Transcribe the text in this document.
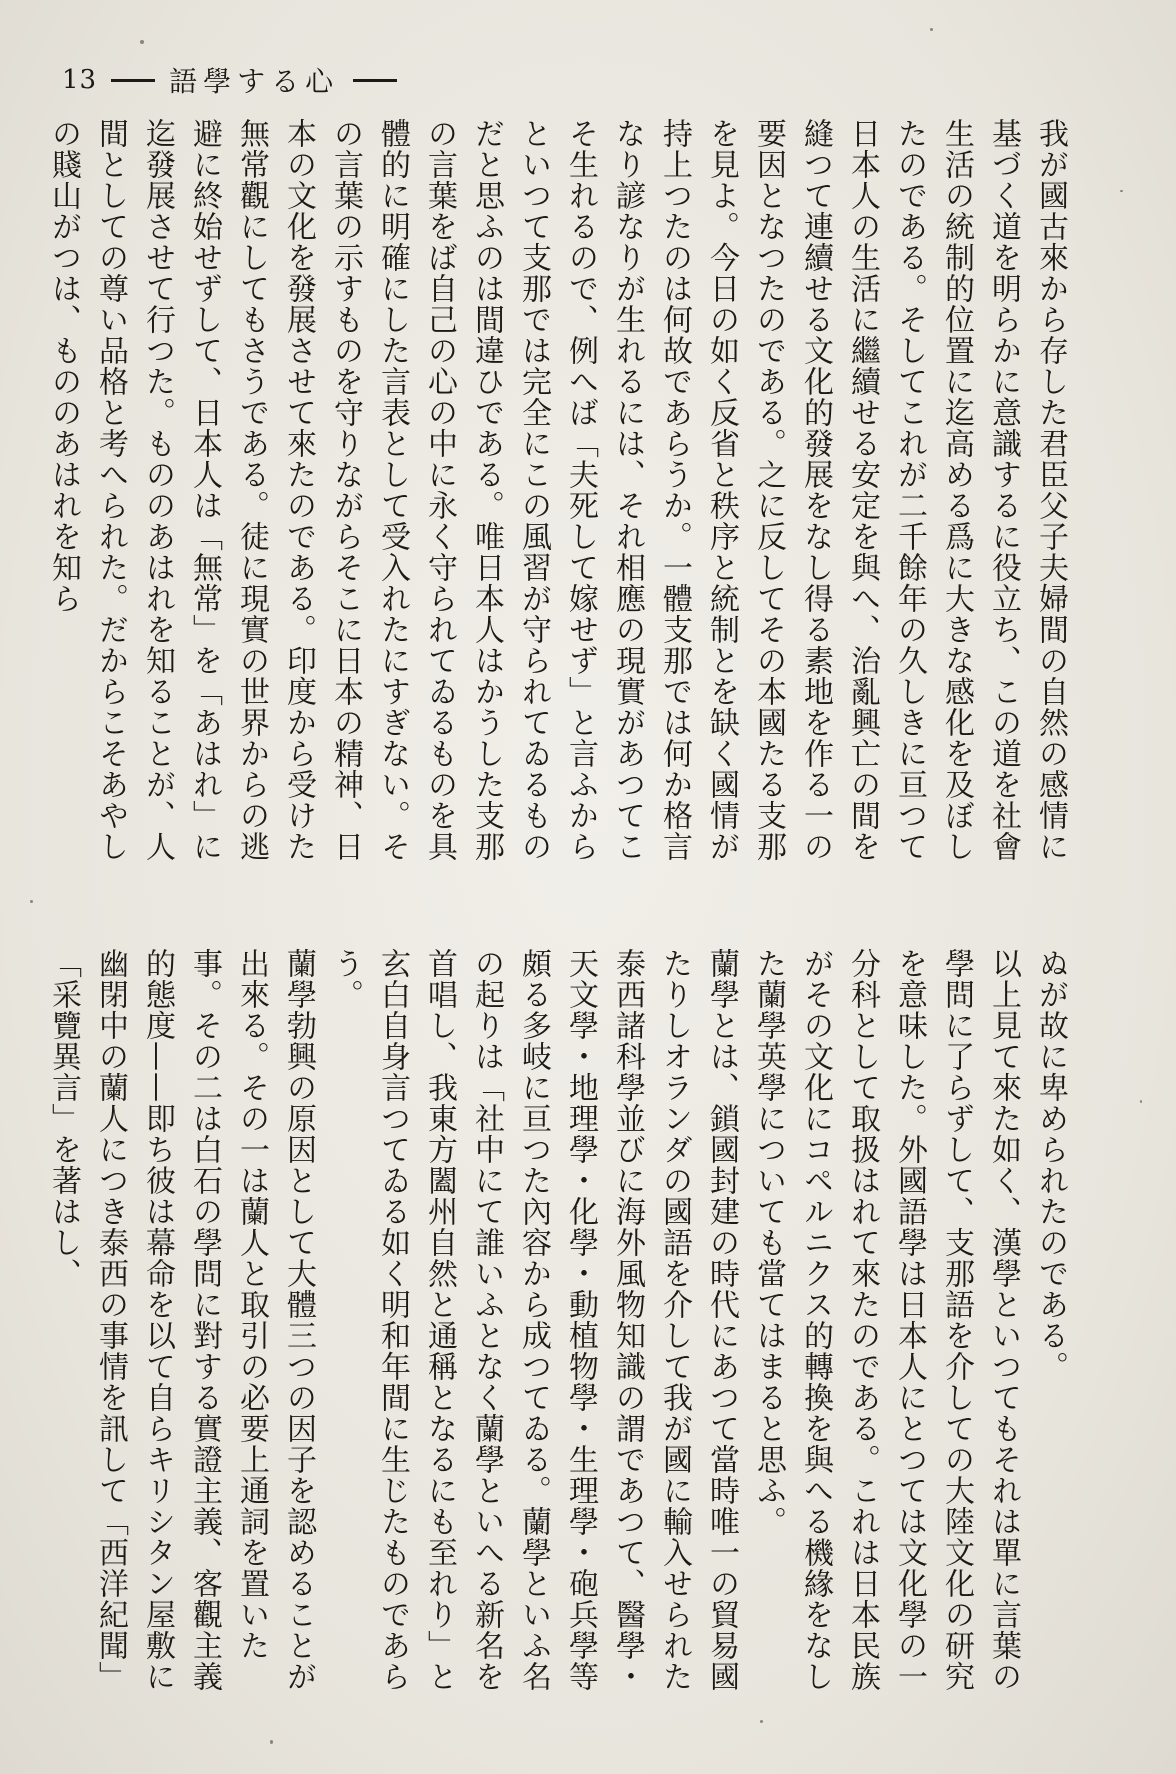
13	語學する心

我が國古來から存した君臣父子夫婦間の自然の感情に基づく道を明らかに意識するに役立ち、この道を社會生活の統制的位置に迄高める爲に大きな感化を及ぼしたのである。そしてこれが二千餘年の久しきに亘つて日本人の生活に繼續せる安定を與へ、治亂興亡の間を縫つて連續せる文化的發展をなし得る素地を作る一の要因となつたのである。之に反してその本國たる支那を見よ。今日の如く反省と秩序と統制とを缺く國情が持上つたのは何故であらうか。一體支那では何か格言なり諺なりが生れるには、それ相應の現實があつてこそ生れるので、例へば「夫死して嫁せず」と言ふからといつて支那では完全にこの風習が守られてゐるものだと思ふのは間違ひである。唯日本人はかうした支那の言葉をば自己の心の中に永く守られてゐるものを具體的に明確にした言表として受入れたにすぎない。その言葉の示すものを守りながらそこに日本の精神、日本の文化を發展させて來たのである。印度から受けた無常觀にしてもさうである。徒に現實の世界からの逃避に終始せずして、日本人は「無常」を「あはれ」に迄發展させて行つた。もののあはれを知ることが、人間としての尊い品格と考へられた。だからこそあやしの賤山がつは、もののあはれを知ら

ぬが故に卑められたのである。

以上見て來た如く、漢學といつてもそれは單に言葉の學問に了らずして、支那語を介しての大陸文化の研究を意味した。外國語學は日本人にとつては文化學の一分科として取扱はれて來たのである。これは日本民族がその文化にコペルニクス的轉換を與へる機緣をなした蘭學英學についても當てはまると思ふ。

蘭學とは、鎖國封建の時代にあつて當時唯一の貿易國たりしオランダの國語を介して我が國に輸入せられた泰西諸科學並びに海外風物知識の謂であつて、醫學・天文學・地理學・化學・動植物學・生理學・砲兵學等頗る多岐に亘つた內容から成つてゐる。蘭學といふ名の起りは「社中にて誰いふとなく蘭學といへる新名を首唱し、我東方闔州自然と通稱となるにも至れり」と玄白自身言つてゐる如く明和年間に生じたものであらう。

蘭學勃興の原因として大體三つの因子を認めることが出來る。その一は蘭人と取引の必要上通詞を置いた事。その二は白石の學問に對する實證主義、客觀主義的態度——即ち彼は幕命を以て自らキリシタン屋敷に幽閉中の蘭人につき泰西の事情を訊して「西洋紀聞」「采覽異言」を著はし、
